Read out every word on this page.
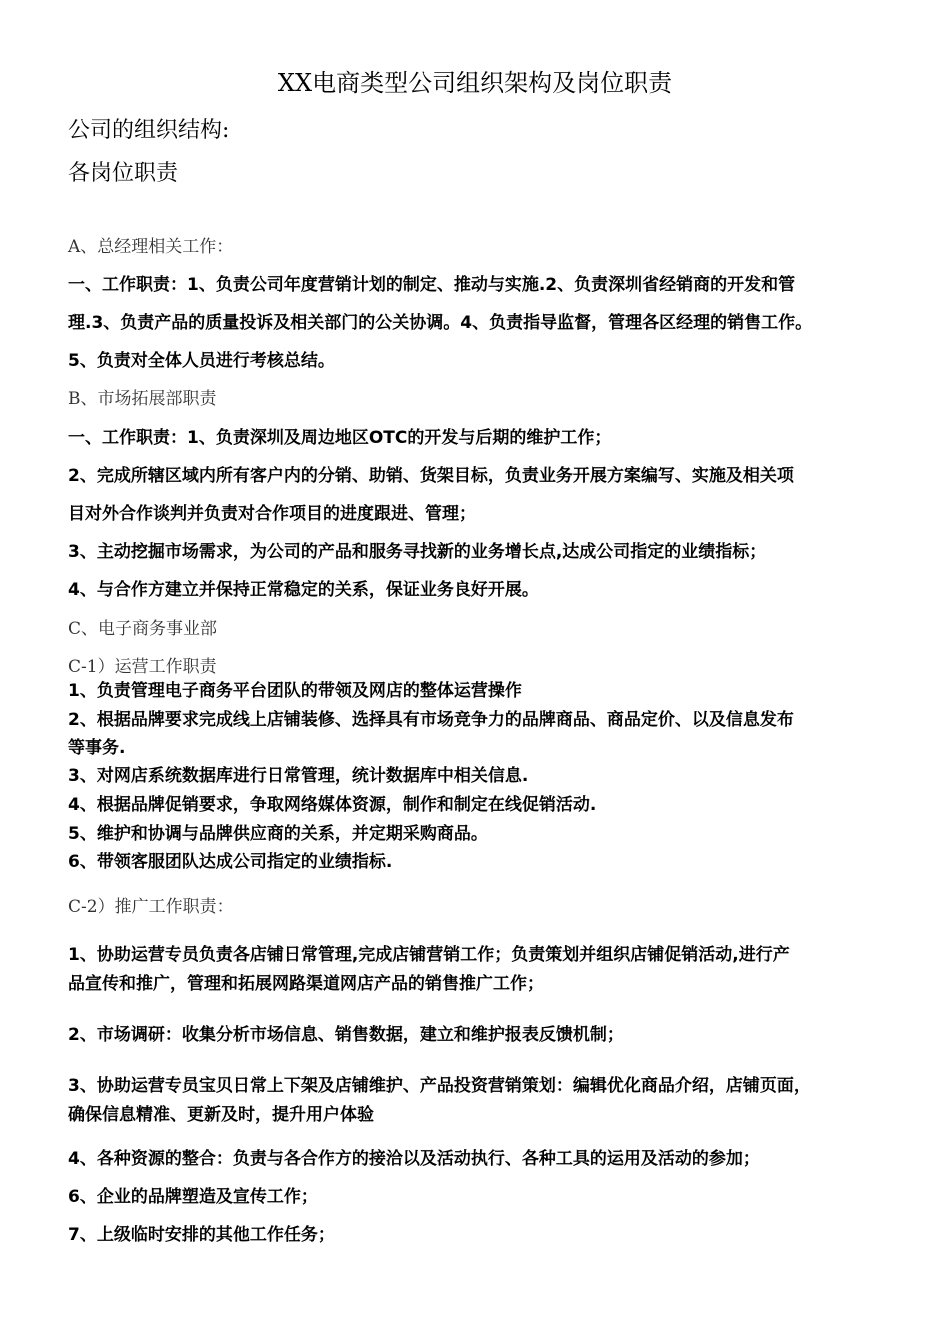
XX电商类型公司组织架构及岗位职责
公司的组织结构:
各岗位职责
A、总经理相关工作：
一、工作职责：1、负责公司年度营销计划的制定、推动与实施.2、负责深圳省经销商的开发和管
理.3、负责产品的质量投诉及相关部门的公关协调。4、负责指导监督，管理各区经理的销售工作。
5、负责对全体人员进行考核总结。
B、市场拓展部职责
一、工作职责：1、负责深圳及周边地区OTC的开发与后期的维护工作；
2、完成所辖区域内所有客户内的分销、助销、货架目标，负责业务开展方案编写、实施及相关项
目对外合作谈判并负责对合作项目的进度跟进、管理；
3、主动挖掘市场需求，为公司的产品和服务寻找新的业务增长点,达成公司指定的业绩指标；
4、与合作方建立并保持正常稳定的关系，保证业务良好开展。
C、电子商务事业部
C-1）运营工作职责
1、负责管理电子商务平台团队的带领及网店的整体运营操作
2、根据品牌要求完成线上店铺装修、选择具有市场竞争力的品牌商品、商品定价、以及信息发布
等事务.
3、对网店系统数据库进行日常管理，统计数据库中相关信息.
4、根据品牌促销要求，争取网络媒体资源，制作和制定在线促销活动.
5、维护和协调与品牌供应商的关系，并定期采购商品。
6、带领客服团队达成公司指定的业绩指标.
C-2）推广工作职责：
1、协助运营专员负责各店铺日常管理,完成店铺营销工作；负责策划并组织店铺促销活动,进行产
品宣传和推广，管理和拓展网路渠道网店产品的销售推广工作；
2、市场调研：收集分析市场信息、销售数据，建立和维护报表反馈机制；
3、协助运营专员宝贝日常上下架及店铺维护、产品投资营销策划：编辑优化商品介绍，店铺页面，
确保信息精准、更新及时，提升用户体验
4、各种资源的整合：负责与各合作方的接洽以及活动执行、各种工具的运用及活动的参加；
6、企业的品牌塑造及宣传工作；
7、上级临时安排的其他工作任务；
